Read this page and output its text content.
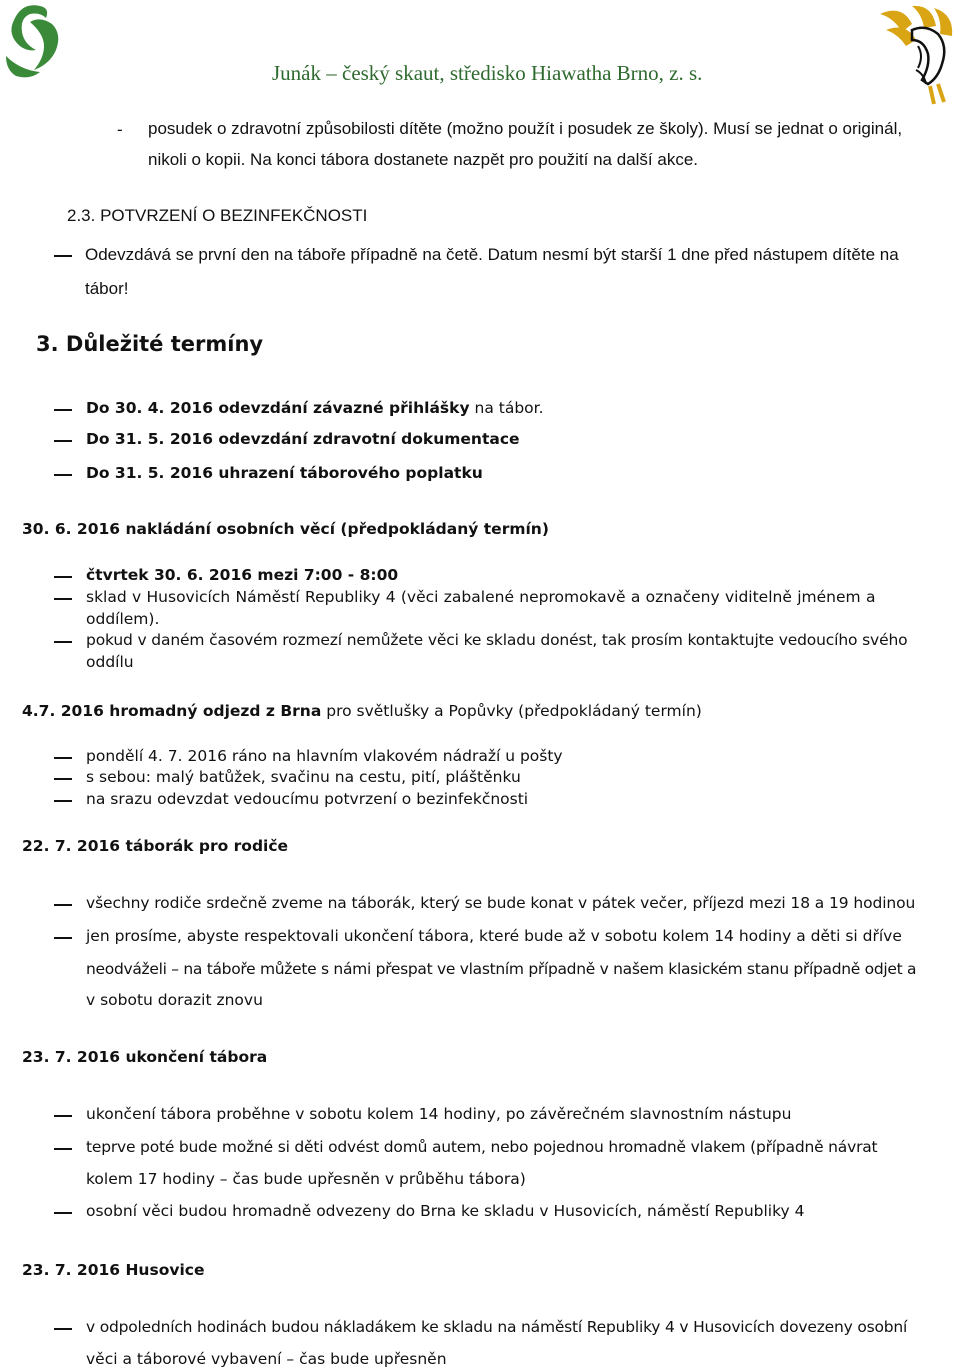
Junák – český skaut, středisko Hiawatha Brno, z. s.
- posudek o zdravotní způsobilosti dítěte (možno použít i posudek ze školy). Musí se jednat o originál,
nikoli o kopii. Na konci tábora dostanete nazpět pro použití na další akce.
2.3. POTVRZENÍ O BEZINFEKČNOSTI
Odevzdává se první den na táboře případně na četě. Datum nesmí být starší 1 dne před nástupem dítěte na
tábor!
3. Důležité termíny
Do 30. 4. 2016 odevzdání závazné přihlášky na tábor.
Do 31. 5. 2016 odevzdání zdravotní dokumentace
Do 31. 5. 2016 uhrazení táborového poplatku
30. 6. 2016 nakládání osobních věcí (předpokládaný termín)
čtvrtek 30. 6. 2016 mezi 7:00 - 8:00
sklad v Husovicích Náměstí Republiky 4 (věci zabalené nepromokavě a označeny viditelně jménem a
oddílem).
pokud v daném časovém rozmezí nemůžete věci ke skladu donést, tak prosím kontaktujte vedoucího svého
oddílu
4.7. 2016 hromadný odjezd z Brna pro světlušky a Popůvky (předpokládaný termín)
pondělí 4. 7. 2016 ráno na hlavním vlakovém nádraží u pošty
s sebou: malý batůžek, svačinu na cestu, pití, pláštěnku
na srazu odevzdat vedoucímu potvrzení o bezinfekčnosti
22. 7. 2016 táborák pro rodiče
všechny rodiče srdečně zveme na táborák, který se bude konat v pátek večer, příjezd mezi 18 a 19 hodinou
jen prosíme, abyste respektovali ukončení tábora, které bude až v sobotu kolem 14 hodiny a děti si dříve
neodváželi – na táboře můžete s námi přespat ve vlastním případně v našem klasickém stanu případně odjet a
v sobotu dorazit znovu
23. 7. 2016 ukončení tábora
ukončení tábora proběhne v sobotu kolem 14 hodiny, po závěrečném slavnostním nástupu
teprve poté bude možné si děti odvést domů autem, nebo pojednou hromadně vlakem (případně návrat
kolem 17 hodiny – čas bude upřesněn v průběhu tábora)
osobní věci budou hromadně odvezeny do Brna ke skladu v Husovicích, náměstí Republiky 4
23. 7. 2016 Husovice
v odpoledních hodinách budou nákladákem ke skladu na náměstí Republiky 4 v Husovicích dovezeny osobní
věci a táborové vybavení – čas bude upřesněn
